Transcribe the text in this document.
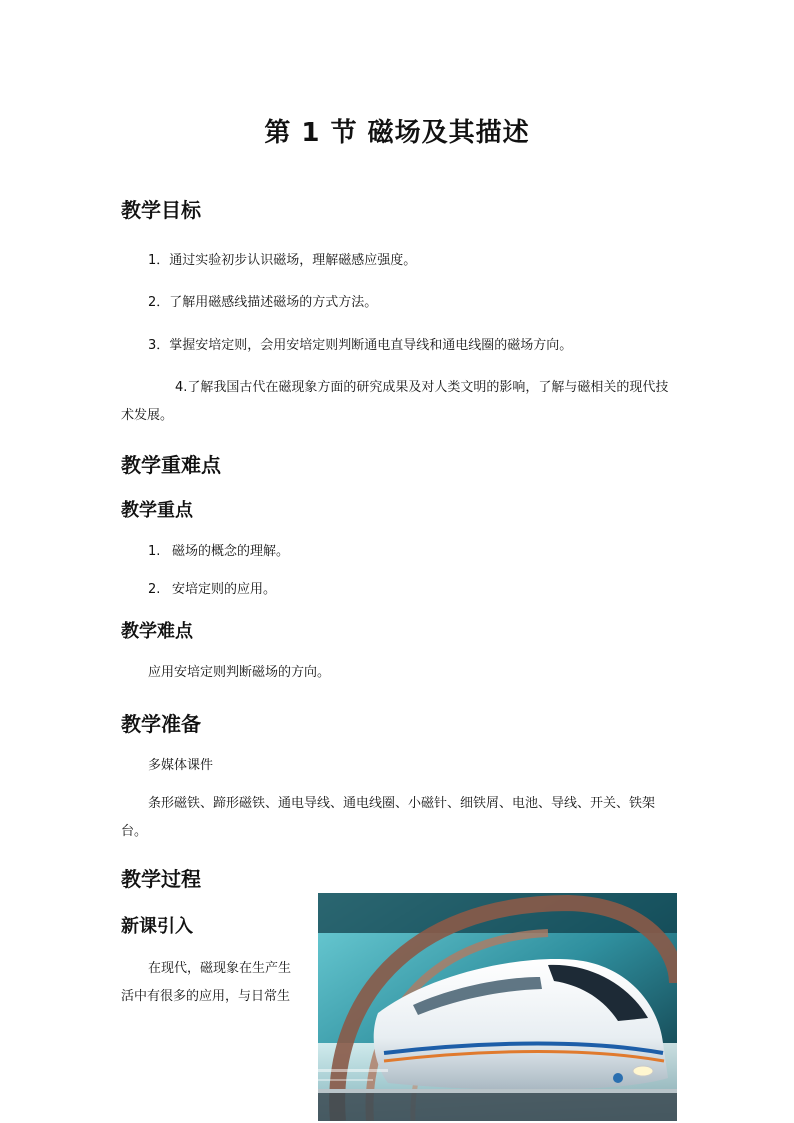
第 1 节 磁场及其描述
教学目标
1．通过实验初步认识磁场，理解磁感应强度。
2．了解用磁感线描述磁场的方式方法。
3．掌握安培定则，会用安培定则判断通电直导线和通电线圈的磁场方向。
4.了解我国古代在磁现象方面的研究成果及对人类文明的影响，了解与磁相关的现代技术发展。
教学重难点
教学重点
1. 磁场的概念的理解。
2. 安培定则的应用。
教学难点
应用安培定则判断磁场的方向。
教学准备
多媒体课件
条形磁铁、蹄形磁铁、通电导线、通电线圈、小磁针、细铁屑、电池、导线、开关、铁架台。
教学过程
新课引入
在现代，磁现象在生产生
活中有很多的应用，与日常生
